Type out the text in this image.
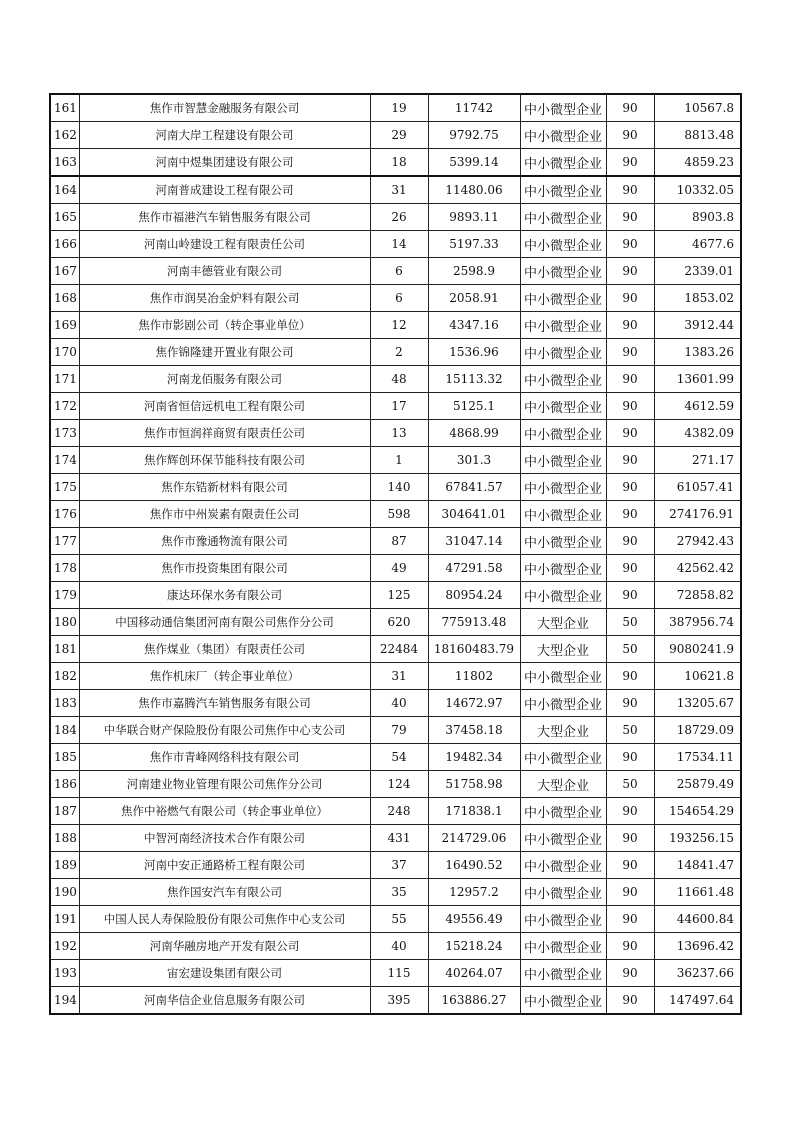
161	焦作市智慧金融服务有限公司	19	11742	中小微型企业	90	10567.8
162	河南大岸工程建设有限公司	29	9792.75	中小微型企业	90	8813.48
163	河南中煜集团建设有限公司	18	5399.14	中小微型企业	90	4859.23
164	河南普成建设工程有限公司	31	11480.06	中小微型企业	90	10332.05
165	焦作市福港汽车销售服务有限公司	26	9893.11	中小微型企业	90	8903.8
166	河南山岭建设工程有限责任公司	14	5197.33	中小微型企业	90	4677.6
167	河南丰德管业有限公司	6	2598.9	中小微型企业	90	2339.01
168	焦作市润昊冶金炉料有限公司	6	2058.91	中小微型企业	90	1853.02
169	焦作市影剧公司（转企事业单位）	12	4347.16	中小微型企业	90	3912.44
170	焦作锦隆建开置业有限公司	2	1536.96	中小微型企业	90	1383.26
171	河南龙佰服务有限公司	48	15113.32	中小微型企业	90	13601.99
172	河南省恒信远机电工程有限公司	17	5125.1	中小微型企业	90	4612.59
173	焦作市恒润祥商贸有限责任公司	13	4868.99	中小微型企业	90	4382.09
174	焦作辉创环保节能科技有限公司	1	301.3	中小微型企业	90	271.17
175	焦作东锆新材料有限公司	140	67841.57	中小微型企业	90	61057.41
176	焦作市中州炭素有限责任公司	598	304641.01	中小微型企业	90	274176.91
177	焦作市豫通物流有限公司	87	31047.14	中小微型企业	90	27942.43
178	焦作市投资集团有限公司	49	47291.58	中小微型企业	90	42562.42
179	康达环保水务有限公司	125	80954.24	中小微型企业	90	72858.82
180	中国移动通信集团河南有限公司焦作分公司	620	775913.48	大型企业	50	387956.74
181	焦作煤业（集团）有限责任公司	22484	18160483.79	大型企业	50	9080241.9
182	焦作机床厂（转企事业单位）	31	11802	中小微型企业	90	10621.8
183	焦作市嘉腾汽车销售服务有限公司	40	14672.97	中小微型企业	90	13205.67
184	中华联合财产保险股份有限公司焦作中心支公司	79	37458.18	大型企业	50	18729.09
185	焦作市青峰网络科技有限公司	54	19482.34	中小微型企业	90	17534.11
186	河南建业物业管理有限公司焦作分公司	124	51758.98	大型企业	50	25879.49
187	焦作中裕燃气有限公司（转企事业单位）	248	171838.1	中小微型企业	90	154654.29
188	中智河南经济技术合作有限公司	431	214729.06	中小微型企业	90	193256.15
189	河南中安正通路桥工程有限公司	37	16490.52	中小微型企业	90	14841.47
190	焦作国安汽车有限公司	35	12957.2	中小微型企业	90	11661.48
191	中国人民人寿保险股份有限公司焦作中心支公司	55	49556.49	中小微型企业	90	44600.84
192	河南华融房地产开发有限公司	40	15218.24	中小微型企业	90	13696.42
193	宙宏建设集团有限公司	115	40264.07	中小微型企业	90	36237.66
194	河南华信企业信息服务有限公司	395	163886.27	中小微型企业	90	147497.64
